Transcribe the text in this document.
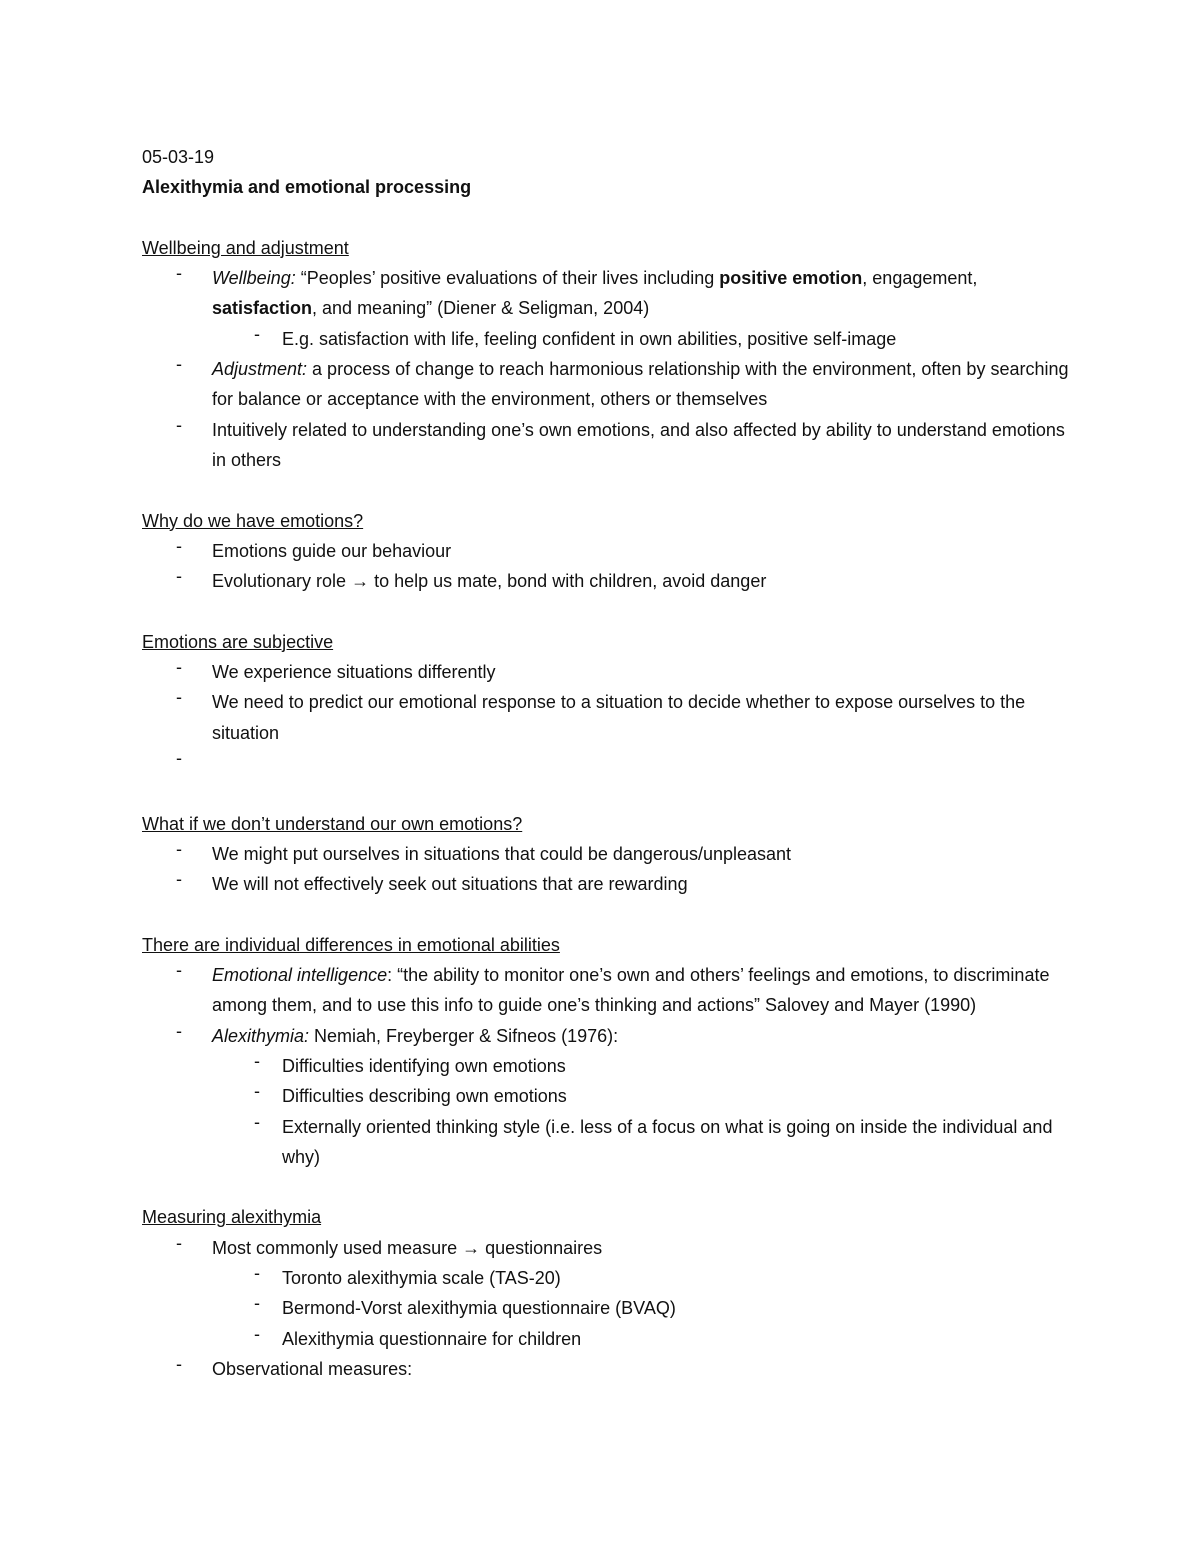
05-03-19
Alexithymia and emotional processing
Wellbeing and adjustment
- Wellbeing: “Peoples’ positive evaluations of their lives including positive emotion, engagement, satisfaction, and meaning” (Diener & Seligman, 2004)
- E.g. satisfaction with life, feeling confident in own abilities, positive self-image
- Adjustment: a process of change to reach harmonious relationship with the environment, often by searching for balance or acceptance with the environment, others or themselves
- Intuitively related to understanding one’s own emotions, and also affected by ability to understand emotions in others
Why do we have emotions?
- Emotions guide our behaviour
- Evolutionary role → to help us mate, bond with children, avoid danger
Emotions are subjective
- We experience situations differently
- We need to predict our emotional response to a situation to decide whether to expose ourselves to the situation
-
What if we don’t understand our own emotions?
- We might put ourselves in situations that could be dangerous/unpleasant
- We will not effectively seek out situations that are rewarding
There are individual differences in emotional abilities
- Emotional intelligence: “the ability to monitor one’s own and others’ feelings and emotions, to discriminate among them, and to use this info to guide one’s thinking and actions” Salovey and Mayer (1990)
- Alexithymia: Nemiah, Freyberger & Sifneos (1976):
- Difficulties identifying own emotions
- Difficulties describing own emotions
- Externally oriented thinking style (i.e. less of a focus on what is going on inside the individual and why)
Measuring alexithymia
- Most commonly used measure → questionnaires
- Toronto alexithymia scale (TAS-20)
- Bermond-Vorst alexithymia questionnaire (BVAQ)
- Alexithymia questionnaire for children
- Observational measures:
